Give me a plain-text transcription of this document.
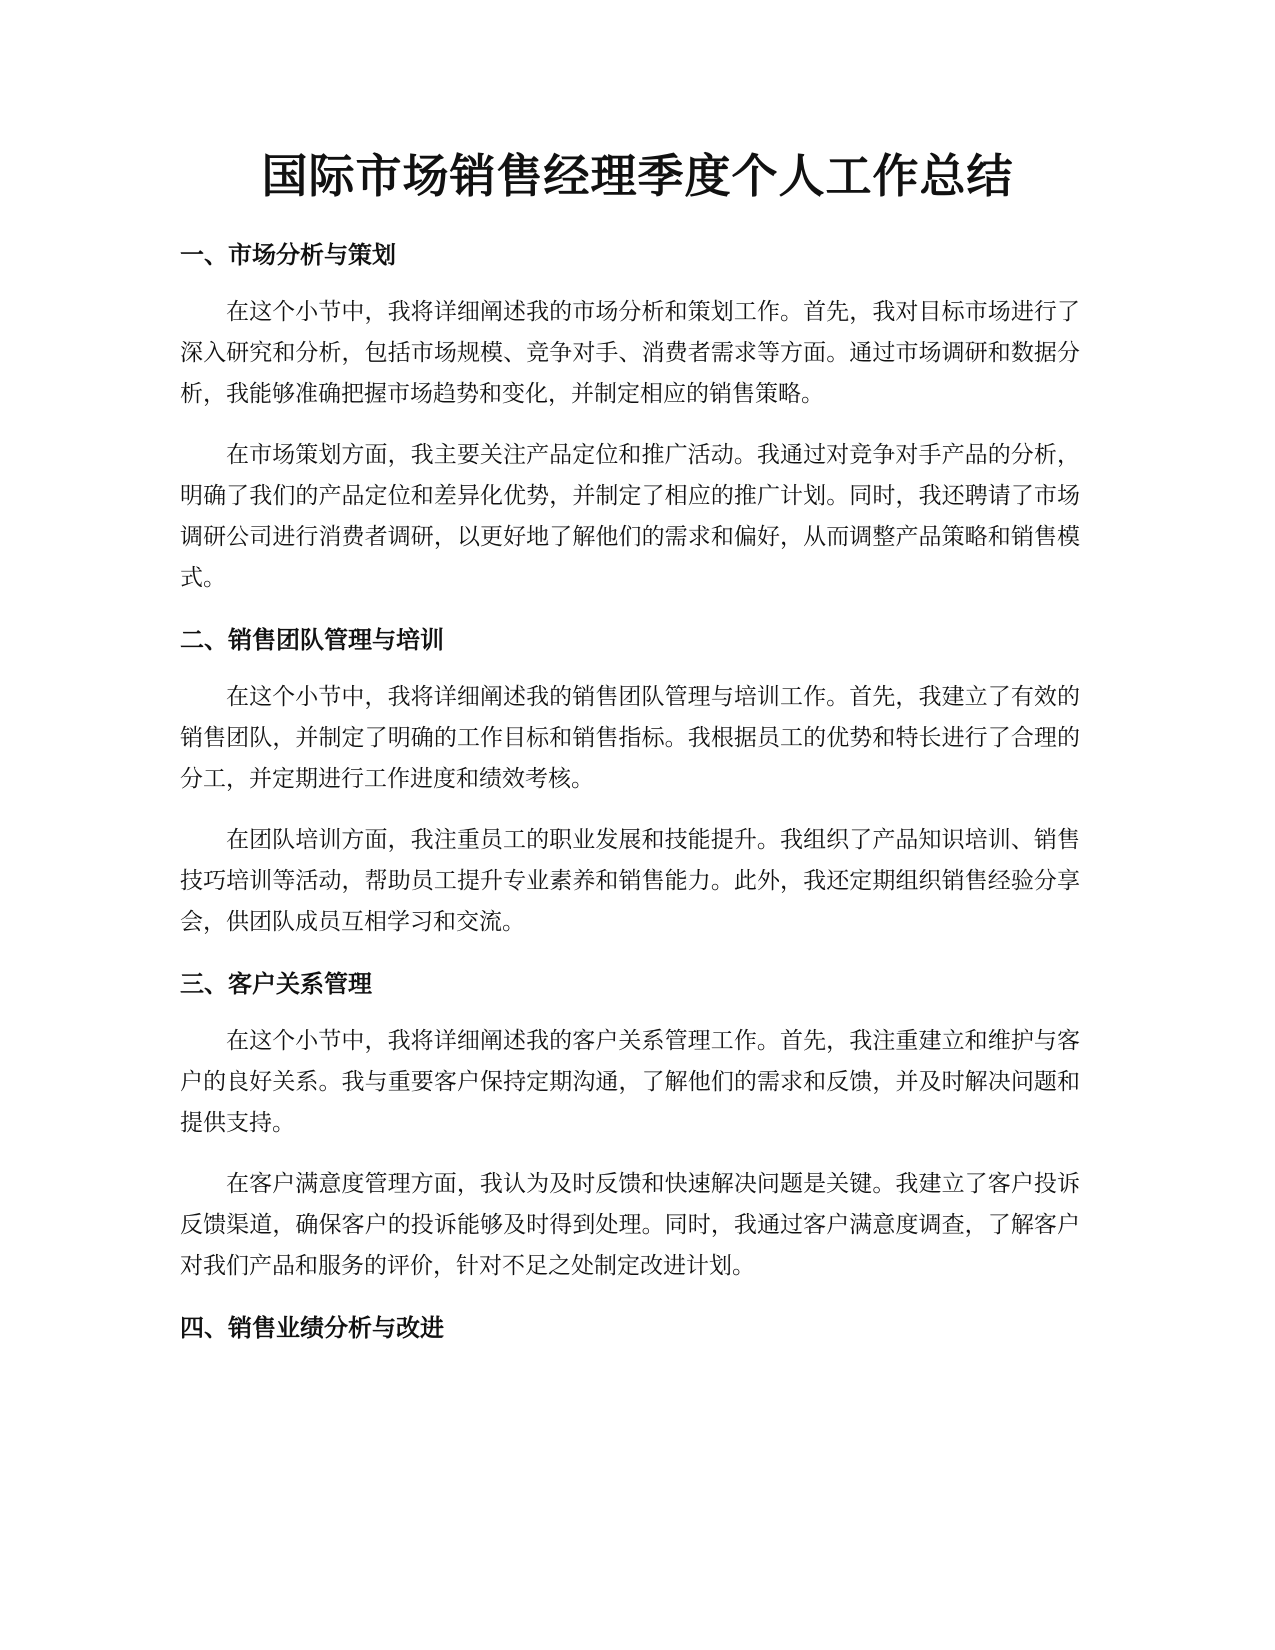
国际市场销售经理季度个人工作总结
一、市场分析与策划

在这个小节中，我将详细阐述我的市场分析和策划工作。首先，我对目标市场进行了深入研究和分析，包括市场规模、竞争对手、消费者需求等方面。通过市场调研和数据分析，我能够准确把握市场趋势和变化，并制定相应的销售策略。

在市场策划方面，我主要关注产品定位和推广活动。我通过对竞争对手产品的分析，明确了我们的产品定位和差异化优势，并制定了相应的推广计划。同时，我还聘请了市场调研公司进行消费者调研，以更好地了解他们的需求和偏好，从而调整产品策略和销售模式。

二、销售团队管理与培训

在这个小节中，我将详细阐述我的销售团队管理与培训工作。首先，我建立了有效的销售团队，并制定了明确的工作目标和销售指标。我根据员工的优势和特长进行了合理的分工，并定期进行工作进度和绩效考核。

在团队培训方面，我注重员工的职业发展和技能提升。我组织了产品知识培训、销售技巧培训等活动，帮助员工提升专业素养和销售能力。此外，我还定期组织销售经验分享会，供团队成员互相学习和交流。

三、客户关系管理

在这个小节中，我将详细阐述我的客户关系管理工作。首先，我注重建立和维护与客户的良好关系。我与重要客户保持定期沟通，了解他们的需求和反馈，并及时解决问题和提供支持。

在客户满意度管理方面，我认为及时反馈和快速解决问题是关键。我建立了客户投诉反馈渠道，确保客户的投诉能够及时得到处理。同时，我通过客户满意度调查，了解客户对我们产品和服务的评价，针对不足之处制定改进计划。

四、销售业绩分析与改进
